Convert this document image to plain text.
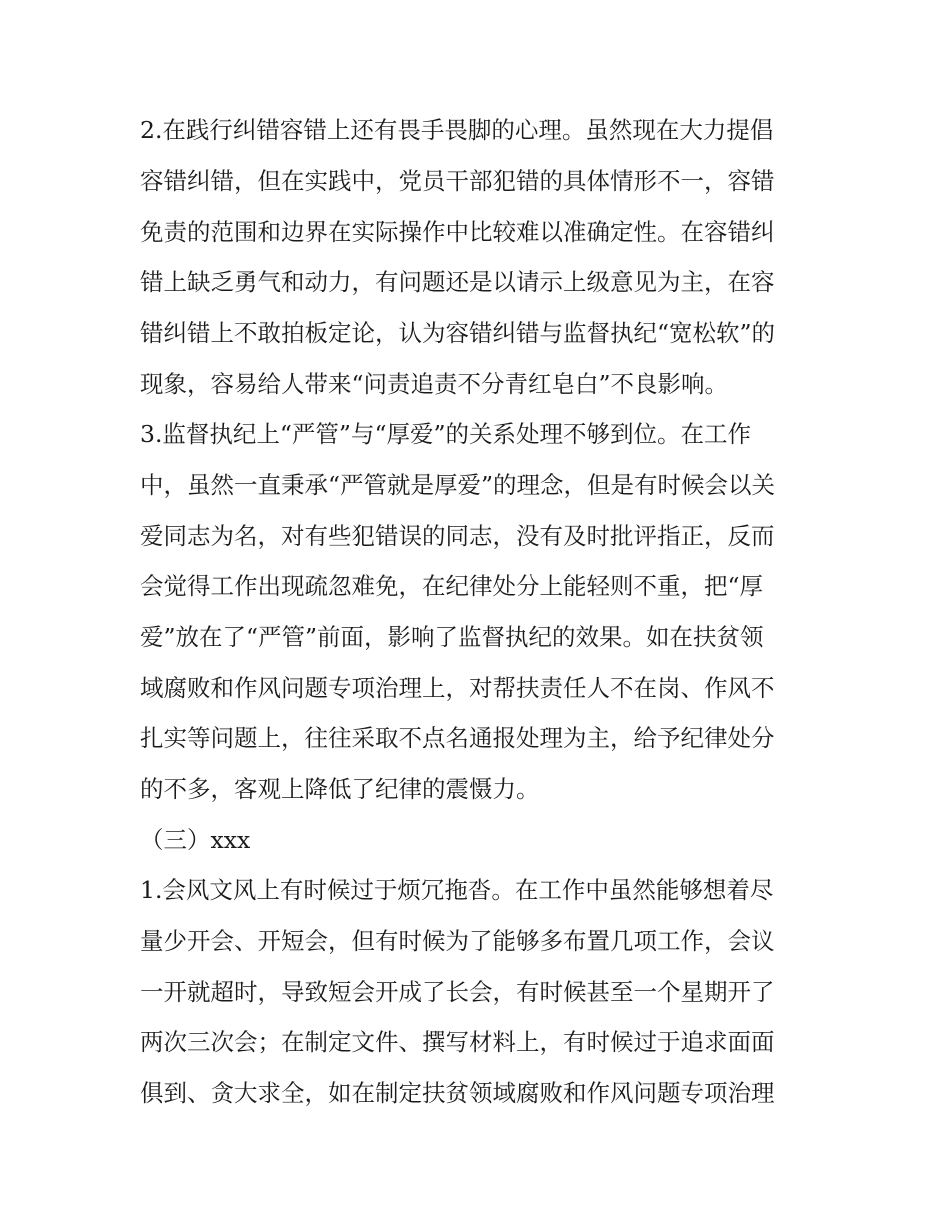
2.在践行纠错容错上还有畏手畏脚的心理。虽然现在大力提倡

容错纠错，但在实践中，党员干部犯错的具体情形不一，容错

免责的范围和边界在实际操作中比较难以准确定性。在容错纠

错上缺乏勇气和动力，有问题还是以请示上级意见为主，在容

错纠错上不敢拍板定论，认为容错纠错与监督执纪“宽松软”的

现象，容易给人带来“问责追责不分青红皂白”不良影响。

3.监督执纪上“严管”与“厚爱”的关系处理不够到位。在工作

中，虽然一直秉承“严管就是厚爱”的理念，但是有时候会以关

爱同志为名，对有些犯错误的同志，没有及时批评指正，反而

会觉得工作出现疏忽难免，在纪律处分上能轻则不重，把“厚

爱”放在了“严管”前面，影响了监督执纪的效果。如在扶贫领

域腐败和作风问题专项治理上，对帮扶责任人不在岗、作风不

扎实等问题上，往往采取不点名通报处理为主，给予纪律处分

的不多，客观上降低了纪律的震慑力。

（三）xxx

1.会风文风上有时候过于烦冗拖沓。在工作中虽然能够想着尽

量少开会、开短会，但有时候为了能够多布置几项工作，会议

一开就超时，导致短会开成了长会，有时候甚至一个星期开了

两次三次会；在制定文件、撰写材料上，有时候过于追求面面

俱到、贪大求全，如在制定扶贫领域腐败和作风问题专项治理
